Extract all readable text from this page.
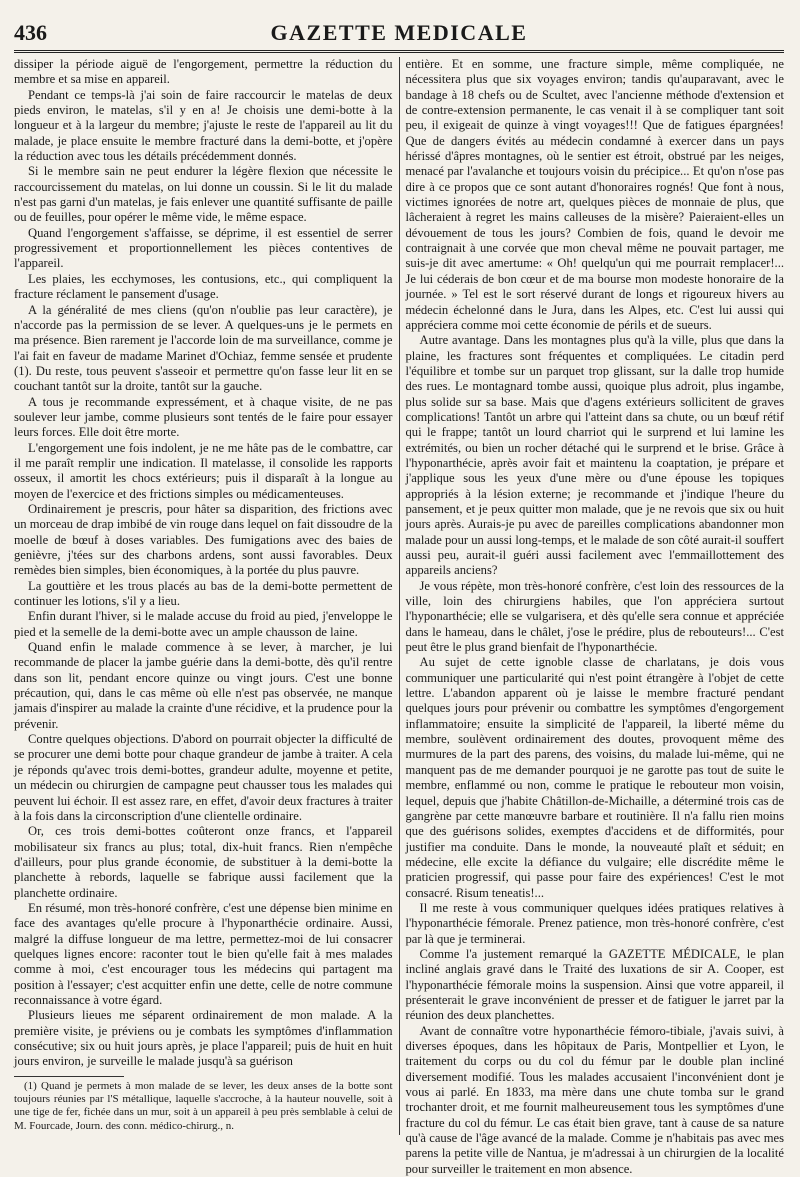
436	GAZETTE MEDICALE

dissiper la période aiguë de l'engorgement, permettre la réduction du membre et sa mise en appareil.

Pendant ce temps-là j'ai soin de faire raccourcir le matelas de deux pieds environ, le matelas, s'il y en a! Je choisis une demi-botte à la longueur et à la largeur du membre; j'ajuste le reste de l'appareil au lit du malade, je place ensuite le membre fracturé dans la demi-botte, et j'opère la réduction avec tous les détails précédemment donnés.

Si le membre sain ne peut endurer la légère flexion que nécessite le raccourcissement du matelas, on lui donne un coussin. Si le lit du malade n'est pas garni d'un matelas, je fais enlever une quantité suffisante de paille ou de feuilles, pour opérer le même vide, le même espace.

Quand l'engorgement s'affaisse, se déprime, il est essentiel de serrer progressivement et proportionnellement les pièces contentives de l'appareil.

Les plaies, les ecchymoses, les contusions, etc., qui compliquent la fracture réclament le pansement d'usage.

A la généralité de mes cliens (qu'on n'oublie pas leur caractère), je n'accorde pas la permission de se lever. A quelques-uns je le permets en ma présence. Bien rarement je l'accorde loin de ma surveillance, comme je l'ai fait en faveur de madame Marinet d'Ochiaz, femme sensée et prudente (1). Du reste, tous peuvent s'asseoir et permettre qu'on fasse leur lit en se couchant tantôt sur la droite, tantôt sur la gauche.

A tous je recommande expressément, et à chaque visite, de ne pas soulever leur jambe, comme plusieurs sont tentés de le faire pour essayer leurs forces. Elle doit être morte.

L'engorgement une fois indolent, je ne me hâte pas de le combattre, car il me paraît remplir une indication. Il matelasse, il consolide les rapports osseux, il amortit les chocs extérieurs; puis il disparaît à la longue au moyen de l'exercice et des frictions simples ou médicamenteuses.

Ordinairement je prescris, pour hâter sa disparition, des frictions avec un morceau de drap imbibé de vin rouge dans lequel on fait dissoudre de la moelle de bœuf à doses variables. Des fumigations avec des baies de genièvre, j'tées sur des charbons ardens, sont aussi favorables. Deux remèdes bien simples, bien économiques, à la portée du plus pauvre.

La gouttière et les trous placés au bas de la demi-botte permettent de continuer les lotions, s'il y a lieu.

Enfin durant l'hiver, si le malade accuse du froid au pied, j'enveloppe le pied et la semelle de la demi-botte avec un ample chausson de laine.

Quand enfin le malade commence à se lever, à marcher, je lui recommande de placer la jambe guérie dans la demi-botte, dès qu'il rentre dans son lit, pendant encore quinze ou vingt jours. C'est une bonne précaution, qui, dans le cas même où elle n'est pas observée, ne manque jamais d'inspirer au malade la crainte d'une récidive, et la prudence pour la prévenir.

Contre quelques objections. D'abord on pourrait objecter la difficulté de se procurer une demi botte pour chaque grandeur de jambe à traiter. A cela je réponds qu'avec trois demi-bottes, grandeur adulte, moyenne et petite, un médecin ou chirurgien de campagne peut chausser tous les malades qui peuvent lui échoir. Il est assez rare, en effet, d'avoir deux fractures à traiter à la fois dans la circonscription d'une clientelle ordinaire.

Or, ces trois demi-bottes coûteront onze francs, et l'appareil mobilisateur six francs au plus; total, dix-huit francs. Rien n'empêche d'ailleurs, pour plus grande économie, de substituer à la demi-botte la planchette à rebords, laquelle se fabrique aussi facilement que la planchette ordinaire.

En résumé, mon très-honoré confrère, c'est une dépense bien minime en face des avantages qu'elle procure à l'hyponarthécie ordinaire. Aussi, malgré la diffuse longueur de ma lettre, permettez-moi de lui consacrer quelques lignes encore: raconter tout le bien qu'elle fait à mes malades comme à moi, c'est encourager tous les médecins qui partagent ma position à l'essayer; c'est acquitter enfin une dette, celle de notre commune reconnaissance à votre égard.

Plusieurs lieues me séparent ordinairement de mon malade. A la première visite, je préviens ou je combats les symptômes d'inflammation consécutive; six ou huit jours après, je place l'appareil; puis de huit en huit jours environ, je surveille le malade jusqu'à sa guérison

(1) Quand je permets à mon malade de se lever, les deux anses de la botte sont toujours réunies par l'S métallique, laquelle s'accroche, à la hauteur nouvelle, soit à une tige de fer, fichée dans un mur, soit à un appareil à peu près semblable à celui de M. Fourcade, Journ. des conn. médico-chirurg., n.

entière. Et en somme, une fracture simple, même compliquée, ne nécessitera plus que six voyages environ; tandis qu'auparavant, avec le bandage à 18 chefs ou de Scultet, avec l'ancienne méthode d'extension et de contre-extension permanente, le cas venait il à se compliquer tant soit peu, il exigeait de quinze à vingt voyages!!! Que de fatigues épargnées! Que de dangers évités au médecin condamné à exercer dans un pays hérissé d'âpres montagnes, où le sentier est étroit, obstrué par les neiges, menacé par l'avalanche et toujours voisin du précipice... Et qu'on n'ose pas dire à ce propos que ce sont autant d'honoraires rognés! Que font à nous, victimes ignorées de notre art, quelques pièces de monnaie de plus, que lâcheraient à regret les mains calleuses de la misère? Paieraient-elles un dévouement de tous les jours? Combien de fois, quand le devoir me contraignait à une corvée que mon cheval même ne pouvait partager, me suis-je dit avec amertume: « Oh! quelqu'un qui me pourrait remplacer!... Je lui céderais de bon cœur et de ma bourse mon modeste honoraire de la journée. » Tel est le sort réservé durant de longs et rigoureux hivers au médecin échelonné dans le Jura, dans les Alpes, etc. C'est lui aussi qui appréciera comme moi cette économie de périls et de sueurs.

Autre avantage. Dans les montagnes plus qu'à la ville, plus que dans la plaine, les fractures sont fréquentes et compliquées. Le citadin perd l'équilibre et tombe sur un parquet trop glissant, sur la dalle trop humide des rues. Le montagnard tombe aussi, quoique plus adroit, plus ingambe, plus solide sur sa base. Mais que d'agens extérieurs sollicitent de graves complications! Tantôt un arbre qui l'atteint dans sa chute, ou un bœuf rétif qui le frappe; tantôt un lourd charriot qui le surprend et lui lamine les extrémités, ou bien un rocher détaché qui le surprend et le brise. Grâce à l'hyponarthécie, après avoir fait et maintenu la coaptation, je prépare et j'applique sous les yeux d'une mère ou d'une épouse les topiques appropriés à la lésion externe; je recommande et j'indique l'heure du pansement, et je peux quitter mon malade, que je ne revois que six ou huit jours après. Aurais-je pu avec de pareilles complications abandonner mon malade pour un aussi long-temps, et le malade de son côté aurait-il souffert aussi peu, aurait-il guéri aussi facilement avec l'emmaillottement des appareils anciens?

Je vous répète, mon très-honoré confrère, c'est loin des ressources de la ville, loin des chirurgiens habiles, que l'on appréciera surtout l'hyponarthécie; elle se vulgarisera, et dès qu'elle sera connue et appréciée dans le hameau, dans le châlet, j'ose le prédire, plus de rebouteurs!... C'est peut être le plus grand bienfait de l'hyponarthécie.

Au sujet de cette ignoble classe de charlatans, je dois vous communiquer une particularité qui n'est point étrangère à l'objet de cette lettre. L'abandon apparent où je laisse le membre fracturé pendant quelques jours pour prévenir ou combattre les symptômes d'engorgement inflammatoire; ensuite la simplicité de l'appareil, la liberté même du membre, soulèvent ordinairement des doutes, provoquent même des murmures de la part des parens, des voisins, du malade lui-même, qui ne manquent pas de me demander pourquoi je ne garotte pas tout de suite le membre, enflammé ou non, comme le pratique le rebouteur mon voisin, lequel, depuis que j'habite Châtillon-de-Michaille, a déterminé trois cas de gangrène par cette manœuvre barbare et routinière. Il n'a fallu rien moins que des guérisons solides, exemptes d'accidens et de difformités, pour justifier ma conduite. Dans le monde, la nouveauté plaît et séduit; en médecine, elle excite la défiance du vulgaire; elle discrédite même le praticien progressif, qui passe pour faire des expériences! C'est le mot consacré. Risum teneatis!...

Il me reste à vous communiquer quelques idées pratiques relatives à l'hyponarthécie fémorale. Prenez patience, mon très-honoré confrère, c'est par là que je terminerai.

Comme l'a justement remarqué la GAZETTE MÉDICALE, le plan incliné anglais gravé dans le Traité des luxations de sir A. Cooper, est l'hyponarthécie fémorale moins la suspension. Ainsi que votre appareil, il présenterait le grave inconvénient de presser et de fatiguer le jarret par la réunion des deux planchettes.

Avant de connaître votre hyponarthécie fémoro-tibiale, j'avais suivi, à diverses époques, dans les hôpitaux de Paris, Montpellier et Lyon, le traitement du corps ou du col du fémur par le double plan incliné diversement modifié. Tous les malades accusaient l'inconvénient dont je vous ai parlé. En 1833, ma mère dans une chute tomba sur le grand trochanter droit, et me fournit malheureusement tous les symptômes d'une fracture du col du fémur. Le cas était bien grave, tant à cause de sa nature qu'à cause de l'âge avancé de la malade. Comme je n'habitais pas avec mes parens la petite ville de Nantua, je m'adressai à un chirurgien de la localité pour surveiller le traitement en mon absence.
